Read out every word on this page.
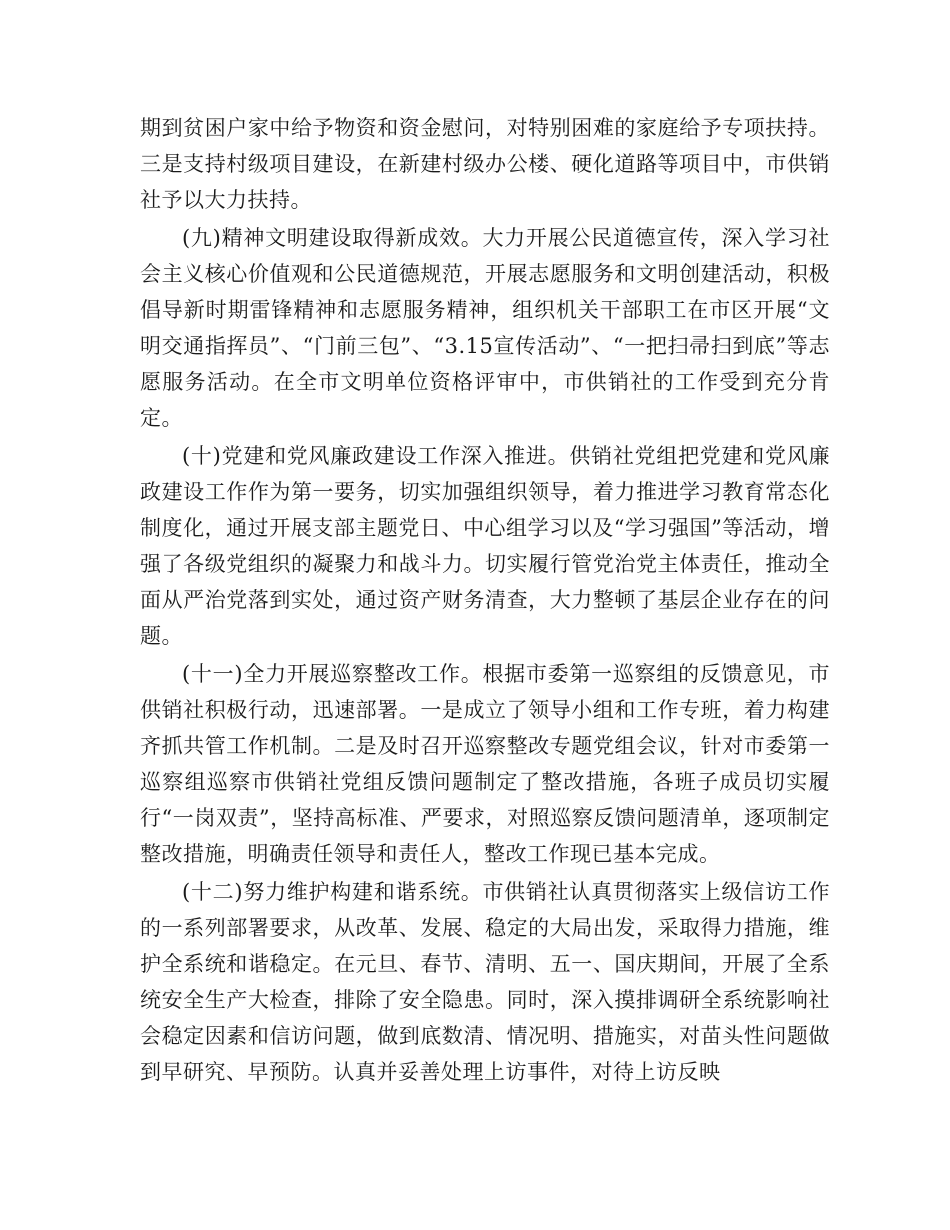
期到贫困户家中给予物资和资金慰问，对特别困难的家庭给予专项扶持。三是支持村级项目建设，在新建村级办公楼、硬化道路等项目中，市供销社予以大力扶持。

(九)精神文明建设取得新成效。大力开展公民道德宣传，深入学习社会主义核心价值观和公民道德规范，开展志愿服务和文明创建活动，积极倡导新时期雷锋精神和志愿服务精神，组织机关干部职工在市区开展“文明交通指挥员”、“门前三包”、“3.15宣传活动”、“一把扫帚扫到底”等志愿服务活动。在全市文明单位资格评审中，市供销社的工作受到充分肯定。

(十)党建和党风廉政建设工作深入推进。供销社党组把党建和党风廉政建设工作作为第一要务，切实加强组织领导，着力推进学习教育常态化制度化，通过开展支部主题党日、中心组学习以及“学习强国”等活动，增强了各级党组织的凝聚力和战斗力。切实履行管党治党主体责任，推动全面从严治党落到实处，通过资产财务清查，大力整顿了基层企业存在的问题。

(十一)全力开展巡察整改工作。根据市委第一巡察组的反馈意见，市供销社积极行动，迅速部署。一是成立了领导小组和工作专班，着力构建齐抓共管工作机制。二是及时召开巡察整改专题党组会议，针对市委第一巡察组巡察市供销社党组反馈问题制定了整改措施，各班子成员切实履行“一岗双责”，坚持高标准、严要求，对照巡察反馈问题清单，逐项制定整改措施，明确责任领导和责任人，整改工作现已基本完成。

(十二)努力维护构建和谐系统。市供销社认真贯彻落实上级信访工作的一系列部署要求，从改革、发展、稳定的大局出发，采取得力措施，维护全系统和谐稳定。在元旦、春节、清明、五一、国庆期间，开展了全系统安全生产大检查，排除了安全隐患。同时，深入摸排调研全系统影响社会稳定因素和信访问题，做到底数清、情况明、措施实，对苗头性问题做到早研究、早预防。认真并妥善处理上访事件，对待上访反映
